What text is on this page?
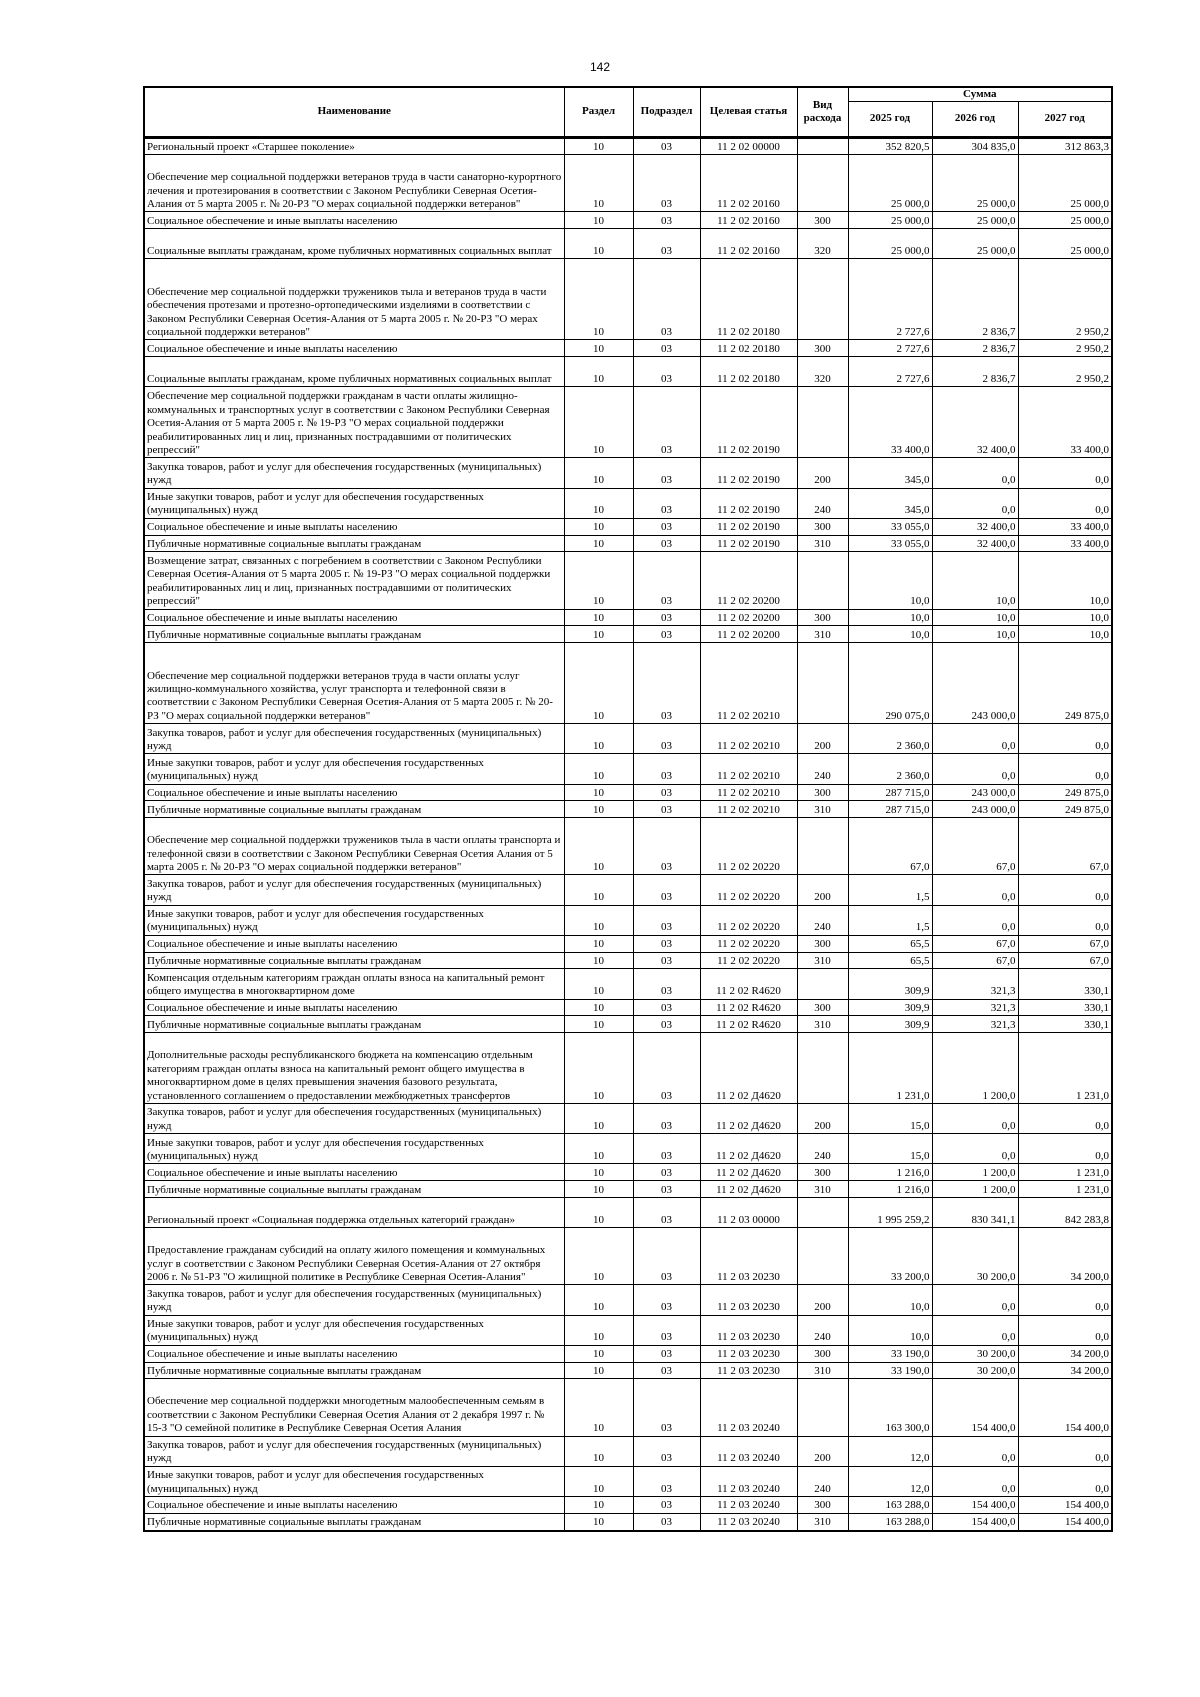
142
Наименование	Раздел	Подраздел	Целевая статья	Вид расхода	Сумма		
					2025 год	2026 год	2027 год
Региональный проект «Старшее поколение»	10	03	11 2 02 00000		352 820,5	304 835,0	312 863,3
Обеспечение мер социальной поддержки ветеранов труда в части санаторно-курортного лечения и протезирования в соответствии с Законом Республики Северная Осетия-Алания от 5 марта 2005 г. № 20-РЗ "О мерах социальной поддержки ветеранов"	10	03	11 2 02 20160		25 000,0	25 000,0	25 000,0
Социальное обеспечение и иные выплаты населению	10	03	11 2 02 20160	300	25 000,0	25 000,0	25 000,0
Социальные выплаты гражданам, кроме публичных нормативных социальных выплат	10	03	11 2 02 20160	320	25 000,0	25 000,0	25 000,0
Обеспечение мер социальной поддержки тружеников тыла и ветеранов труда в части обеспечения протезами и протезно-ортопедическими изделиями в соответствии с Законом Республики Северная Осетия-Алания от 5 марта 2005 г. № 20-РЗ "О мерах социальной поддержки ветеранов"	10	03	11 2 02 20180		2 727,6	2 836,7	2 950,2
Социальное обеспечение и иные выплаты населению	10	03	11 2 02 20180	300	2 727,6	2 836,7	2 950,2
Социальные выплаты гражданам, кроме публичных нормативных социальных выплат	10	03	11 2 02 20180	320	2 727,6	2 836,7	2 950,2
Обеспечение мер социальной поддержки гражданам в части оплаты жилищно-коммунальных и транспортных услуг в соответствии с Законом Республики Северная Осетия-Алания от 5 марта 2005 г. № 19-РЗ "О мерах социальной поддержки реабилитированных лиц и лиц, признанных пострадавшими от политических репрессий"	10	03	11 2 02 20190		33 400,0	32 400,0	33 400,0
Закупка товаров, работ и услуг для обеспечения государственных (муниципальных) нужд	10	03	11 2 02 20190	200	345,0	0,0	0,0
Иные закупки товаров, работ и услуг для обеспечения государственных (муниципальных) нужд	10	03	11 2 02 20190	240	345,0	0,0	0,0
Социальное обеспечение и иные выплаты населению	10	03	11 2 02 20190	300	33 055,0	32 400,0	33 400,0
Публичные нормативные социальные выплаты гражданам	10	03	11 2 02 20190	310	33 055,0	32 400,0	33 400,0
Возмещение затрат, связанных с погребением в соответствии с Законом Республики Северная Осетия-Алания от 5 марта 2005 г. № 19-РЗ "О мерах социальной поддержки реабилитированных лиц и лиц, признанных пострадавшими от политических репрессий"	10	03	11 2 02 20200		10,0	10,0	10,0
Социальное обеспечение и иные выплаты населению	10	03	11 2 02 20200	300	10,0	10,0	10,0
Публичные нормативные социальные выплаты гражданам	10	03	11 2 02 20200	310	10,0	10,0	10,0
Обеспечение мер социальной поддержки ветеранов труда в части оплаты услуг жилищно-коммунального хозяйства, услуг транспорта и телефонной связи в соответствии с Законом Республики Северная Осетия-Алания от 5 марта 2005 г. № 20-РЗ "О мерах социальной поддержки ветеранов"	10	03	11 2 02 20210		290 075,0	243 000,0	249 875,0
Закупка товаров, работ и услуг для обеспечения государственных (муниципальных) нужд	10	03	11 2 02 20210	200	2 360,0	0,0	0,0
Иные закупки товаров, работ и услуг для обеспечения государственных (муниципальных) нужд	10	03	11 2 02 20210	240	2 360,0	0,0	0,0
Социальное обеспечение и иные выплаты населению	10	03	11 2 02 20210	300	287 715,0	243 000,0	249 875,0
Публичные нормативные социальные выплаты гражданам	10	03	11 2 02 20210	310	287 715,0	243 000,0	249 875,0
Обеспечение мер социальной поддержки тружеников тыла в части оплаты транспорта и телефонной связи в соответствии с Законом Республики Северная Осетия Алания от 5 марта 2005 г. № 20-РЗ "О мерах социальной поддержки ветеранов"	10	03	11 2 02 20220		67,0	67,0	67,0
Закупка товаров, работ и услуг для обеспечения государственных (муниципальных) нужд	10	03	11 2 02 20220	200	1,5	0,0	0,0
Иные закупки товаров, работ и услуг для обеспечения государственных (муниципальных) нужд	10	03	11 2 02 20220	240	1,5	0,0	0,0
Социальное обеспечение и иные выплаты населению	10	03	11 2 02 20220	300	65,5	67,0	67,0
Публичные нормативные социальные выплаты гражданам	10	03	11 2 02 20220	310	65,5	67,0	67,0
Компенсация отдельным категориям граждан оплаты взноса на капитальный ремонт общего имущества в многоквартирном доме	10	03	11 2 02 R4620		309,9	321,3	330,1
Социальное обеспечение и иные выплаты населению	10	03	11 2 02 R4620	300	309,9	321,3	330,1
Публичные нормативные социальные выплаты гражданам	10	03	11 2 02 R4620	310	309,9	321,3	330,1
Дополнительные расходы республиканского бюджета на компенсацию отдельным категориям граждан оплаты взноса на капитальный ремонт общего имущества в многоквартирном доме в целях превышения значения базового результата, установленного соглашением о предоставлении межбюджетных трансфертов	10	03	11 2 02 Д4620		1 231,0	1 200,0	1 231,0
Закупка товаров, работ и услуг для обеспечения государственных (муниципальных) нужд	10	03	11 2 02 Д4620	200	15,0	0,0	0,0
Иные закупки товаров, работ и услуг для обеспечения государственных (муниципальных) нужд	10	03	11 2 02 Д4620	240	15,0	0,0	0,0
Социальное обеспечение и иные выплаты населению	10	03	11 2 02 Д4620	300	1 216,0	1 200,0	1 231,0
Публичные нормативные социальные выплаты гражданам	10	03	11 2 02 Д4620	310	1 216,0	1 200,0	1 231,0
Региональный проект «Социальная поддержка отдельных категорий граждан»	10	03	11 2 03 00000		1 995 259,2	830 341,1	842 283,8
Предоставление гражданам субсидий на оплату жилого помещения и коммунальных услуг в соответствии с Законом Республики Северная Осетия-Алания от 27 октября 2006 г. № 51-РЗ "О жилищной политике в Республике Северная Осетия-Алания"	10	03	11 2 03 20230		33 200,0	30 200,0	34 200,0
Закупка товаров, работ и услуг для обеспечения государственных (муниципальных) нужд	10	03	11 2 03 20230	200	10,0	0,0	0,0
Иные закупки товаров, работ и услуг для обеспечения государственных (муниципальных) нужд	10	03	11 2 03 20230	240	10,0	0,0	0,0
Социальное обеспечение и иные выплаты населению	10	03	11 2 03 20230	300	33 190,0	30 200,0	34 200,0
Публичные нормативные социальные выплаты гражданам	10	03	11 2 03 20230	310	33 190,0	30 200,0	34 200,0
Обеспечение мер социальной поддержки многодетным малообеспеченным семьям в соответствии с Законом Республики Северная Осетия Алания от 2 декабря 1997 г. № 15-З "О семейной политике в Республике Северная Осетия Алания	10	03	11 2 03 20240		163 300,0	154 400,0	154 400,0
Закупка товаров, работ и услуг для обеспечения государственных (муниципальных) нужд	10	03	11 2 03 20240	200	12,0	0,0	0,0
Иные закупки товаров, работ и услуг для обеспечения государственных (муниципальных) нужд	10	03	11 2 03 20240	240	12,0	0,0	0,0
Социальное обеспечение и иные выплаты населению	10	03	11 2 03 20240	300	163 288,0	154 400,0	154 400,0
Публичные нормативные социальные выплаты гражданам	10	03	11 2 03 20240	310	163 288,0	154 400,0	154 400,0
